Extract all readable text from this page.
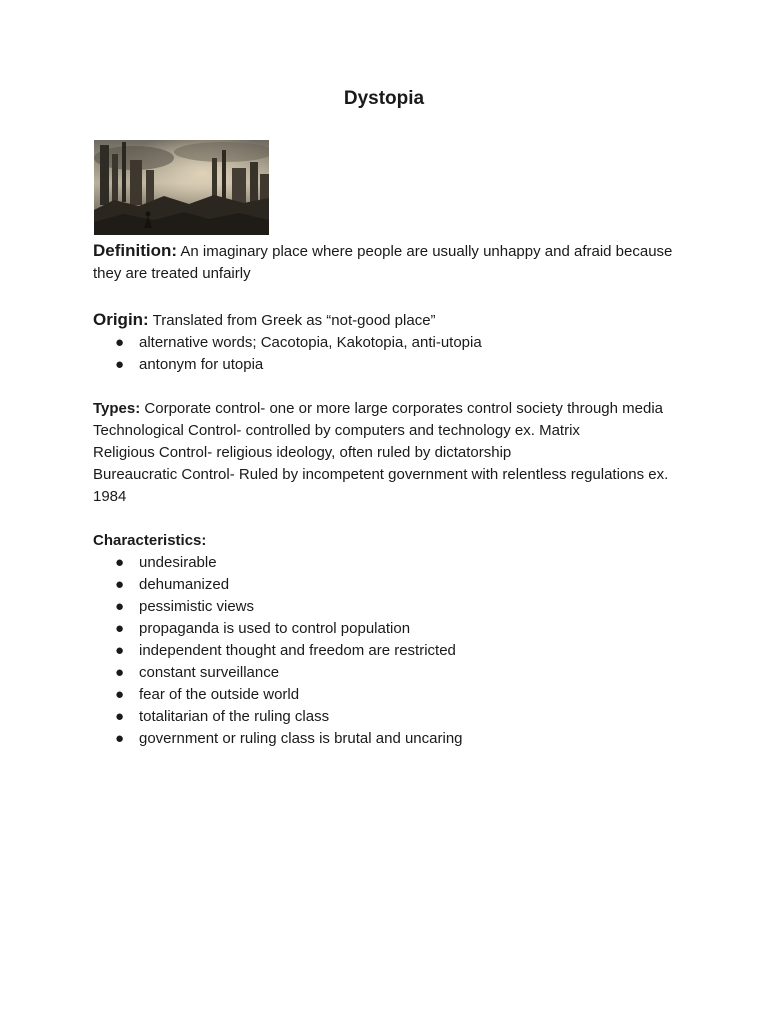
Dystopia

Definition: An imaginary place where people are usually unhappy and afraid because they are treated unfairly

Origin: Translated from Greek as “not-good place”

● alternative words; Cacotopia, Kakotopia, anti-utopia
● antonym for utopia

Types: Corporate control- one or more large corporates control society through media

Technological Control- controlled by computers and technology ex. Matrix

Religious Control- religious ideology, often ruled by dictatorship

Bureaucratic Control- Ruled by incompetent government with relentless regulations ex. 1984

Characteristics:

● undesirable
● dehumanized
● pessimistic views
● propaganda is used to control population
● independent thought and freedom are restricted
● constant surveillance
● fear of the outside world
● totalitarian of the ruling class
● government or ruling class is brutal and uncaring
